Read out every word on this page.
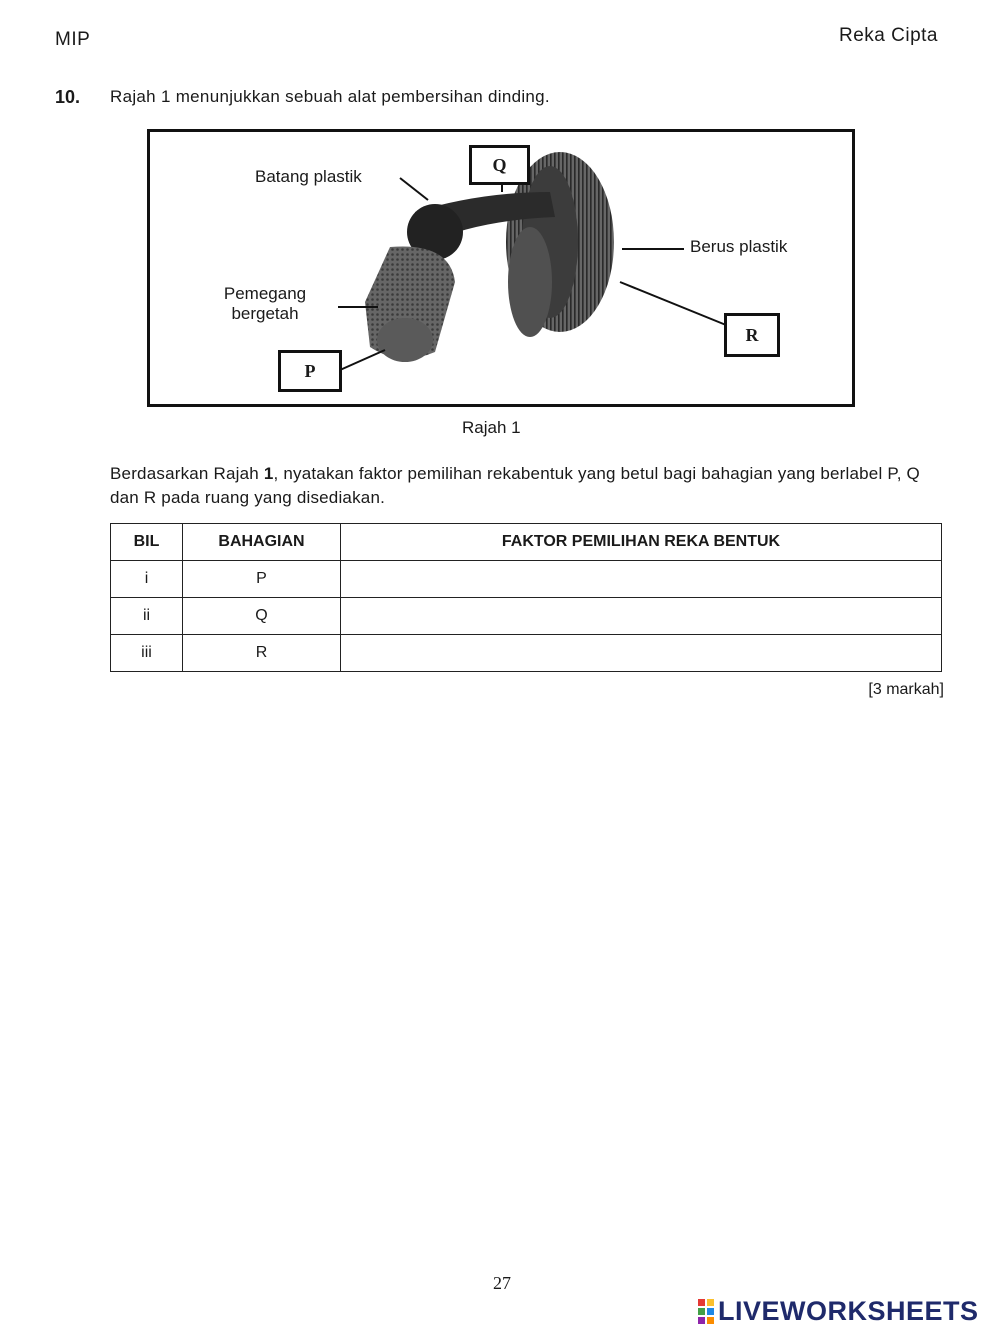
MIP	Reka Cipta
10. Rajah 1 menunjukkan sebuah alat pembersihan dinding.
Batang plastik
Berus plastik
Pemegang
bergetah
Q
R
P
Rajah 1
Berdasarkan Rajah 1, nyatakan faktor pemilihan rekabentuk yang betul bagi bahagian yang berlabel P, Q dan R pada ruang yang disediakan.
BIL	BAHAGIAN	FAKTOR PEMILIHAN REKA BENTUK
i	P	
ii	Q	
iii	R	
[3 markah]
27
LIVEWORKSHEETS
